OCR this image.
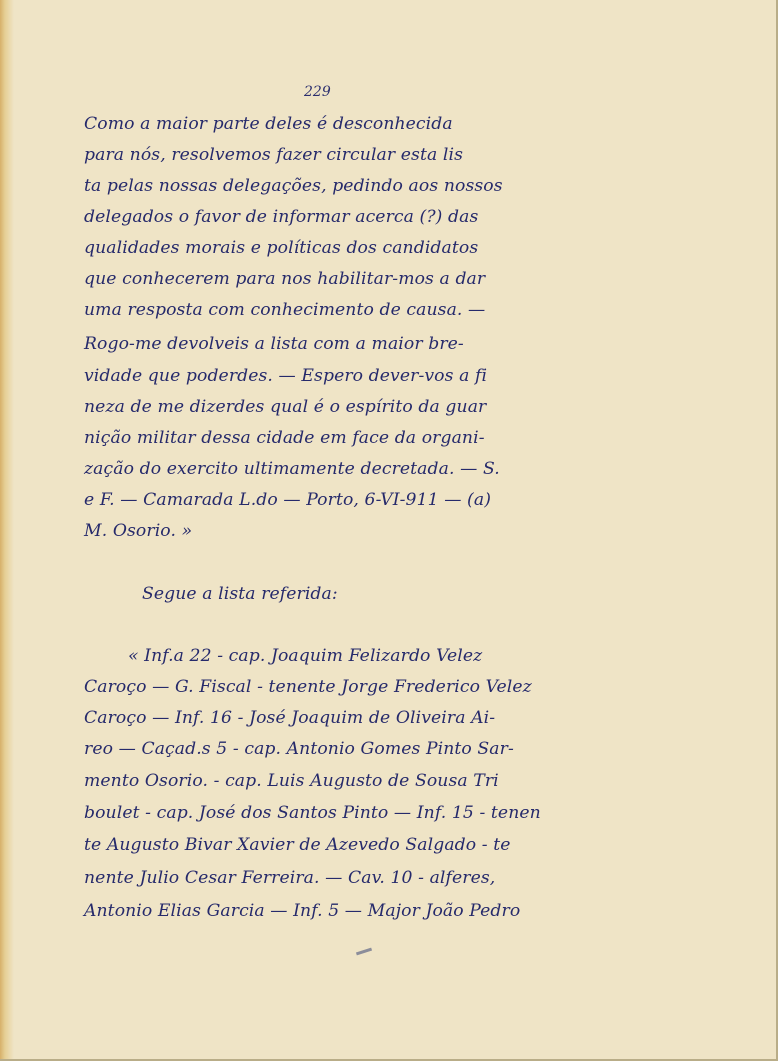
229
Como a maior parte deles é desconhecida
para nós, resolvemos fazer circular esta lis
ta pelas nossas delegações, pedindo aos nossos
delegados o favor de informar acerca (?) das
qualidades morais e políticas dos candidatos
que conhecerem para nos habilitar-mos a dar
uma resposta com conhecimento de causa. —
Rogo-me devolveis a lista com a maior bre-
vidade que poderdes. — Espero dever-vos a fi
neza de me dizerdes qual é o espírito da guar
nição militar dessa cidade em face da organi-
zação do exercito ultimamente decretada. — S.
e F. — Camarada L.do — Porto, 6-VI-911 — (a)
M. Osorio. »
Segue a lista referida:
« Inf.a 22 - cap. Joaquim Felizardo Velez
Caroço — G. Fiscal - tenente Jorge Frederico Velez
Caroço — Inf. 16 - José Joaquim de Oliveira Ai-
reo — Caçad.s 5 - cap. Antonio Gomes Pinto Sar-
mento Osorio. - cap. Luis Augusto de Sousa Tri
boulet - cap. José dos Santos Pinto — Inf. 15 - tenen
te Augusto Bivar Xavier de Azevedo Salgado - te
nente Julio Cesar Ferreira. — Cav. 10 - alferes,
Antonio Elias Garcia — Inf. 5 — Major João Pedro
